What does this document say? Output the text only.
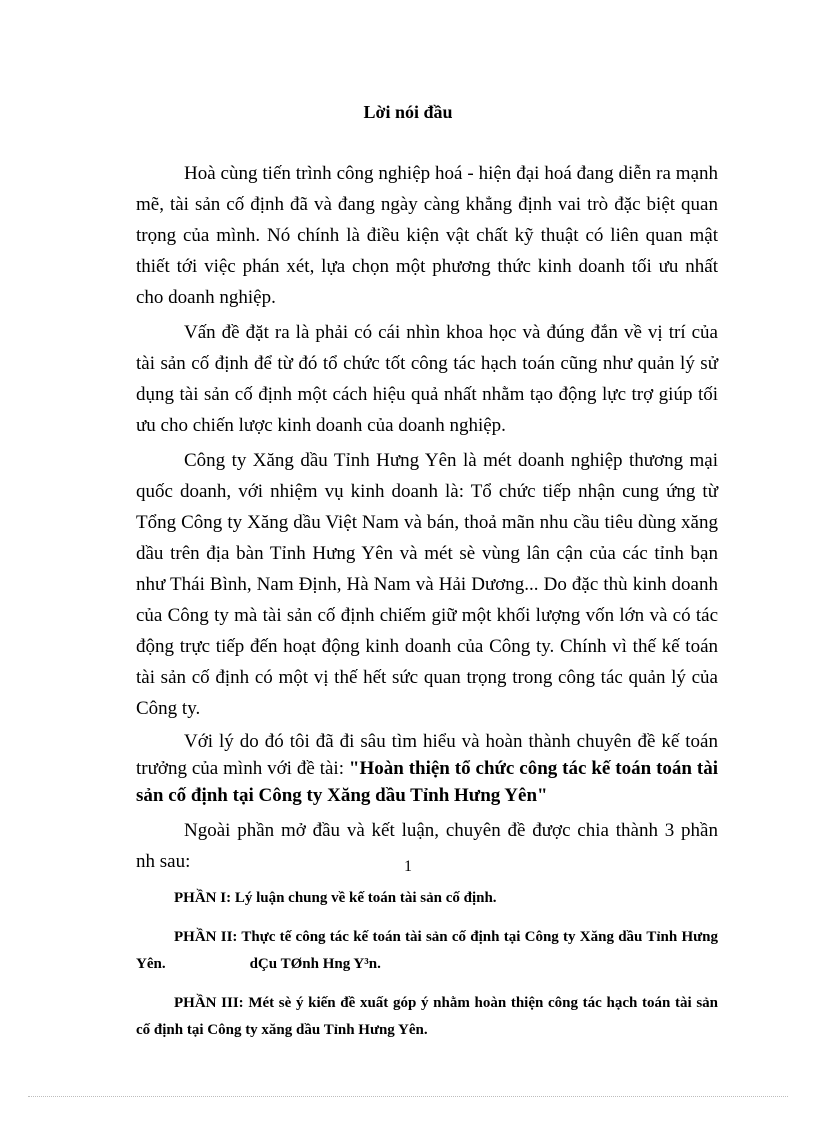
Lời nói đầu

Hoà cùng tiến trình công nghiệp hoá - hiện đại hoá đang diễn ra mạnh mẽ, tài sản cố định đã và đang ngày càng khẳng định vai trò đặc biệt quan trọng của mình. Nó chính là điều kiện vật chất kỹ thuật có liên quan mật thiết tới việc phán xét, lựa chọn một phương thức kinh doanh tối ưu nhất cho doanh nghiệp.

Vấn đề đặt ra là phải có cái nhìn khoa học và đúng đắn về vị trí của tài sản cố định để từ đó tổ chức tốt công tác hạch toán cũng như quản lý sử dụng tài sản cố định một cách hiệu quả nhất nhằm tạo động lực trợ giúp tối ưu cho chiến lược kinh doanh của doanh nghiệp.

Công ty Xăng dầu Tỉnh Hưng Yên là mét doanh nghiệp thương mại quốc doanh, với nhiệm vụ kinh doanh là: Tổ chức tiếp nhận cung ứng từ Tổng Công ty Xăng dầu Việt Nam và bán, thoả mãn nhu cầu tiêu dùng xăng dầu trên địa bàn Tỉnh Hưng Yên và mét sè vùng lân cận của các tỉnh bạn như Thái Bình, Nam Định, Hà Nam và Hải Dương... Do đặc thù kinh doanh của Công ty mà tài sản cố định chiếm giữ một khối lượng vốn lớn và có tác động trực tiếp đến hoạt động kinh doanh của Công ty. Chính vì thế kế toán tài sản cố định có một vị thế hết sức quan trọng trong công tác quản lý của Công ty.

Với lý do đó tôi đã đi sâu tìm hiểu và hoàn thành chuyên đề kế toán trưởng của mình với đề tài: "Hoàn thiện tổ chức công tác kế toán toán tài sản cố định tại Công ty Xăng dầu Tỉnh Hưng Yên"

Ngoài phần mở đầu và kết luận, chuyên đề được chia thành 3 phần nh sau:

PHẦN I: Lý luận chung về kế toán tài sản cố định.

PHẦN II: Thực tế công tác kế toán tài sản cố định tại Công ty Xăng dầu Tỉnh Hưng Yên.	dÇu TØnh Hng Y³n.

PHẦN III: Mét sè ý kiến đề xuất góp ý nhằm hoàn thiện công tác hạch toán tài sản cố định tại Công ty xăng dầu Tỉnh Hưng Yên.

1
